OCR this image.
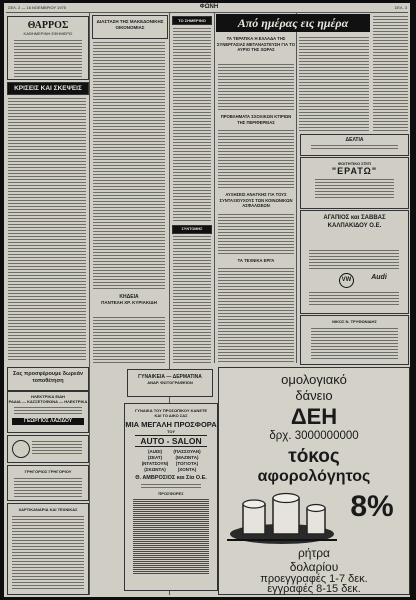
ΣΕΛ. 2 — 16 ΝΟΕΜΒΡΙΟΥ 1975	ΦΩΝΗ	ΣΕΛ. 3
ΘΑΡΡΟΣ
ΚΑΘΗΜΕΡΙΝΗ ΕΦΗΜΕΡΙΣ
ΚΡΙΣΕΙΣ ΚΑΙ ΣΚΕΨΕΙΣ
Σας προσφέρουμε δωρεάν τοποθέτηση
ΗΛΕΚΤΡΙΚΑ ΕΙΔΗ
ΡΑΔΙΑ — ΚΑΣΣΕΤΟΦΩΝΑ — ΗΛΕΚΤΡΙΚΑ
ΓΕΩΡΓΙΟΣ ΛΑΖΙΔΟΥ
ΓΡΗΓΟΡΙΟΣ ΓΡΗΓΟΡΙΟΥ
ΧΑΡΤΙΚΑΝΑΡΙΑ ΚΑΙ ΤΕΧΝΙΚΑΣ
ΔΙΑΣΤΑΣΗ ΤΗΣ ΜΑΚΕΔΟΝΙΚΗΣ ΟΙΚΟΝΟΜΙΑΣ
ΚΗΔΕΙΑ
ΠΑΝΤΕΛΗ ΧΡ. ΚΥΡΙΑΚΙΔΗ
ΤΟ ΣΗΜΕΡΙΝΟ
ΣΥΝΤΟΜΗΣ
ΓΥΝΑΙΚΕΙΑ — ΔΕΡΜΑΤΙΝΑ
ΑΝΔΡ. ΦΩΤΟΓΡΑΦΕΙΟΝ
ΓΥΝΑΙΚΑ ΤΟΥ ΠΡΟΣΩΠΙΚΟΥ ΚΑΝΕΤΕ ΚΑΙ ΤΟ ΔΙΚΟ ΣΑΣ
ΜΙΑ ΜΕΓΑΛΗ ΠΡΟΣΦΟΡΑ
ΤΟΥ
AUTO - SALON
(AUDI)	(ΠΑΣΣΟΥΑΝ)
(ΣΕΑΤ)	(ΜΑΖΙΝΤΑ)
(ΝΤΑΤΣΟΥΝ)	(ΤΟΓΙΟΤΑ)
(ΣΚΩΝΤΑ)	(ΧΟΝΤΑ)
Θ. ΑΜΒΡΟΣΙΟΣ και Σία Ο.Ε.
ΠΡΟΣΦΟΡΕΣ
Από ημέρας εις ημέρα
ΤΑ ΤΕΡΑΤΙΚΑ Η ΕΛΛΑΔΑ ΤΗΣ ΣΥΝΕΡΓΑΣΙΑΣ ΜΕΤΑΝΑΣΤΕΥΣΗ ΓΙΑ ΤΟ ΑΥΡΙΟ ΤΗΣ ΧΩΡΑΣ
ΠΡΟΒΛΗΜΑΤΑ ΣΧΟΛΙΚΩΝ ΚΤΙΡΙΩΝ ΤΗΣ ΠΕΡΙΦΕΡΕΙΑΣ
ΑΥΞΗΣΕΙΣ ΑΝΑΓΚΗΣ ΓΙΑ ΤΟΥΣ ΣΥΝΤΑΞΙΟΥΧΟΥΣ ΤΩΝ ΚΟΙΝΩΝΙΚΩΝ ΑΣΦΑΛΙΣΕΩΝ
ΤΑ ΤΕΧΝΙΚΑ ΕΡΓΑ
ΔΕΛΤΙΑ
ΦΟΙΤΗΤΙΚΟ ΣΠΙΤΙ
"ΕΡΑΤΩ"
ΑΓΑΠΙΟΣ και ΣΑΒΒΑΣ ΚΑΛΠΑΚΙΔΟΥ Ο.Ε.
VW	Audi
ΝΙΚΟΣ Ν. ΤΡΥΦΩΝΙΔΗΣ
ομολογιακό
δάνειο
ΔΕΗ
δρχ. 3000000000
τόκος
αφορολόγητος
8%
ρήτρα
δολαρίου
προεγγραφές 1-7 δεκ.
εγγραφές 8-15 δεκ.
